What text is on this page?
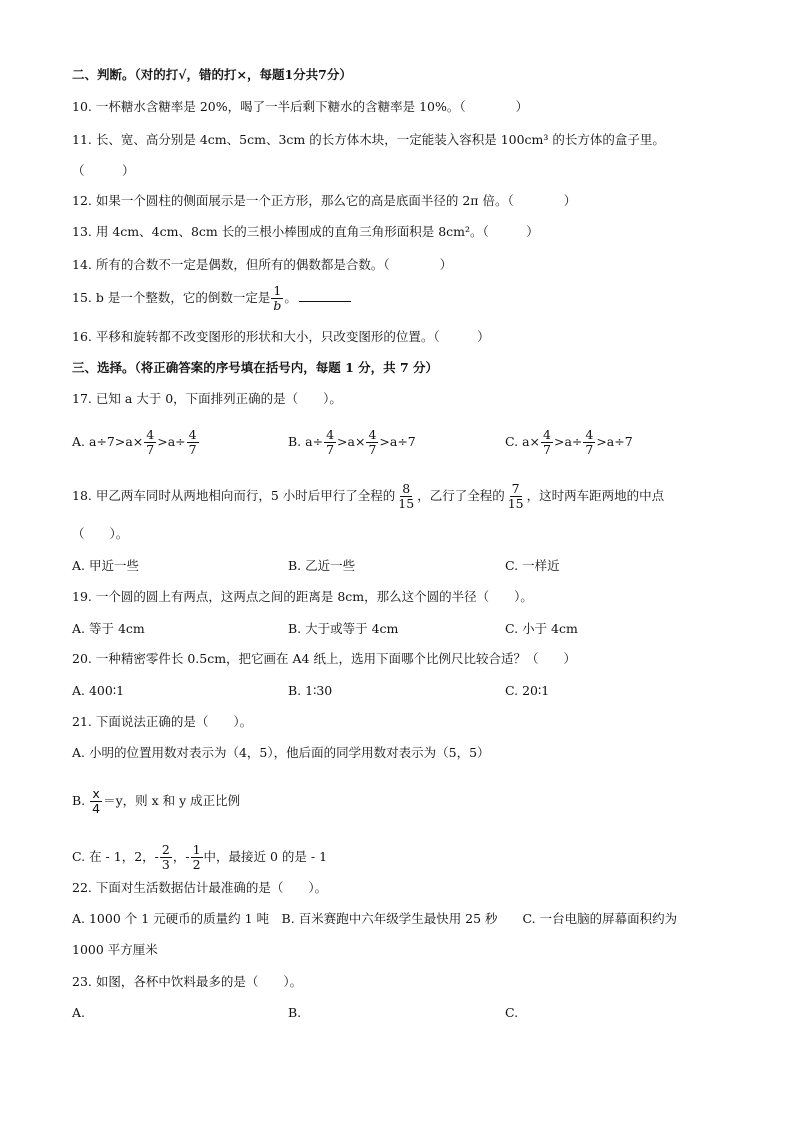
二、判断。（对的打√，错的打×，每题1分共7分）
10. 一杯糖水含糖率是 20%，喝了一半后剩下糖水的含糖率是 10%。（　　　　）
11. 长、宽、高分别是 4cm、5cm、3cm 的长方体木块，一定能装入容积是 100cm³ 的长方体的盒子里。
（　　　）
12. 如果一个圆柱的侧面展示是一个正方形，那么它的高是底面半径的 2π 倍。（　　　　）
13. 用 4cm、4cm、8cm 长的三根小棒围成的直角三角形面积是 8cm²。（　　　）
14. 所有的合数不一定是偶数，但所有的偶数都是合数。（　　　　）
15. b 是一个整数，它的倒数一定是 $\frac{1}{b}$ 。
16. 平移和旋转都不改变图形的形状和大小，只改变图形的位置。（　　　）
三、选择。（将正确答案的序号填在括号内，每题 1 分，共 7 分）
17. 已知 a 大于 0，下面排列正确的是（　　）。
A. $a\div 7>a\times \frac{4}{7} >a\div \frac{4}{7}$	B. $a\div \frac{4}{7} >a\times \frac{4}{7} >a\div 7$	C. $a\times \frac{4}{7} >a\div \frac{4}{7} >a\div 7$
18. 甲乙两车同时从两地相向而行，5 小时后甲行了全程的 $\frac{8}{15}$ ，乙行了全程的 $\frac{7}{15}$ ，这时两车距两地的中点
（　　）。
A. 甲近一些	B. 乙近一些	C. 一样近
19. 一个圆的圆上有两点，这两点之间的距离是 8cm，那么这个圆的半径（　　）。
A. 等于 4cm	B. 大于或等于 4cm	C. 小于 4cm
20. 一种精密零件长 0.5cm，把它画在 A4 纸上，选用下面哪个比例尺比较合适？（　　）
A. 400∶1	B. 1∶30	C. 20∶1
21. 下面说法正确的是（　　）。
A. 小明的位置用数对表示为（4，5），他后面的同学用数对表示为（5，5）
B. $\frac{x}{4} =y$，则 x 和 y 成正比例
C. 在 - 1，2，- $\frac{2}{3}$ ，- $\frac{1}{2}$ 中，最接近 0 的是 - 1
22. 下面对生活数据估计最准确的是（　　）。
A. 1000 个 1 元硬币的质量约 1 吨　B. 百米赛跑中六年级学生最快用 25 秒　　C. 一台电脑的屏幕面积约为
1000 平方厘米
23. 如图，各杯中饮料最多的是（　　）。
A.	B.	C.
